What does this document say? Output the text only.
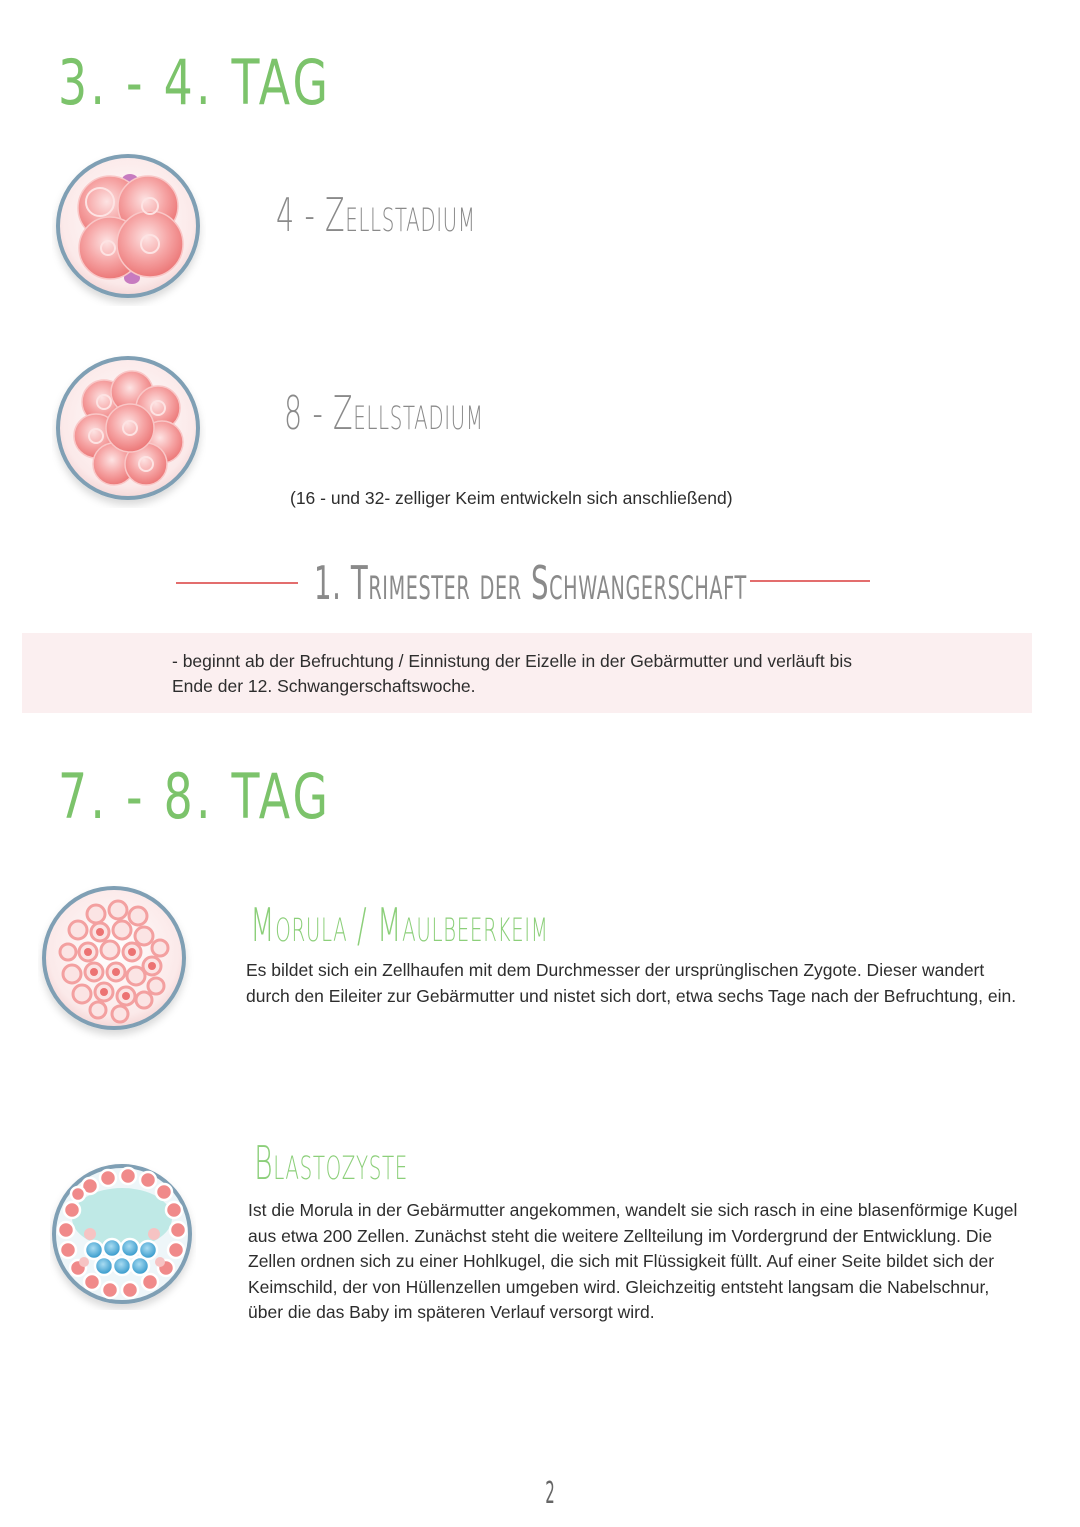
3. - 4. TAG
4 - Zellstadium
8 - Zellstadium
(16 - und 32- zelliger Keim entwickeln sich anschließend)
1. Trimester der Schwangerschaft
- beginnt ab der Befruchtung / Einnistung der Eizelle in der Gebärmutter und verläuft bis
Ende der 12. Schwangerschaftswoche.
7. - 8. TAG
Morula / Maulbeerkeim
Es bildet sich ein Zellhaufen mit dem Durchmesser der ursprünglischen Zygote. Dieser wandert durch den Eileiter zur Gebärmutter und nistet sich dort, etwa sechs Tage nach der Befruchtung, ein.
Blastozyste
Ist die Morula in der Gebärmutter angekommen, wandelt sie sich rasch in eine blasenförmige Kugel aus etwa 200 Zellen. Zunächst steht die weitere Zellteilung im Vordergrund der Entwicklung. Die Zellen ordnen sich zu einer Hohlkugel, die sich mit Flüssigkeit füllt. Auf einer Seite bildet sich der Keimschild, der von Hüllenzellen umgeben wird. Gleichzeitig entsteht langsam die Nabelschnur, über die das Baby im späteren Verlauf versorgt wird.
2
